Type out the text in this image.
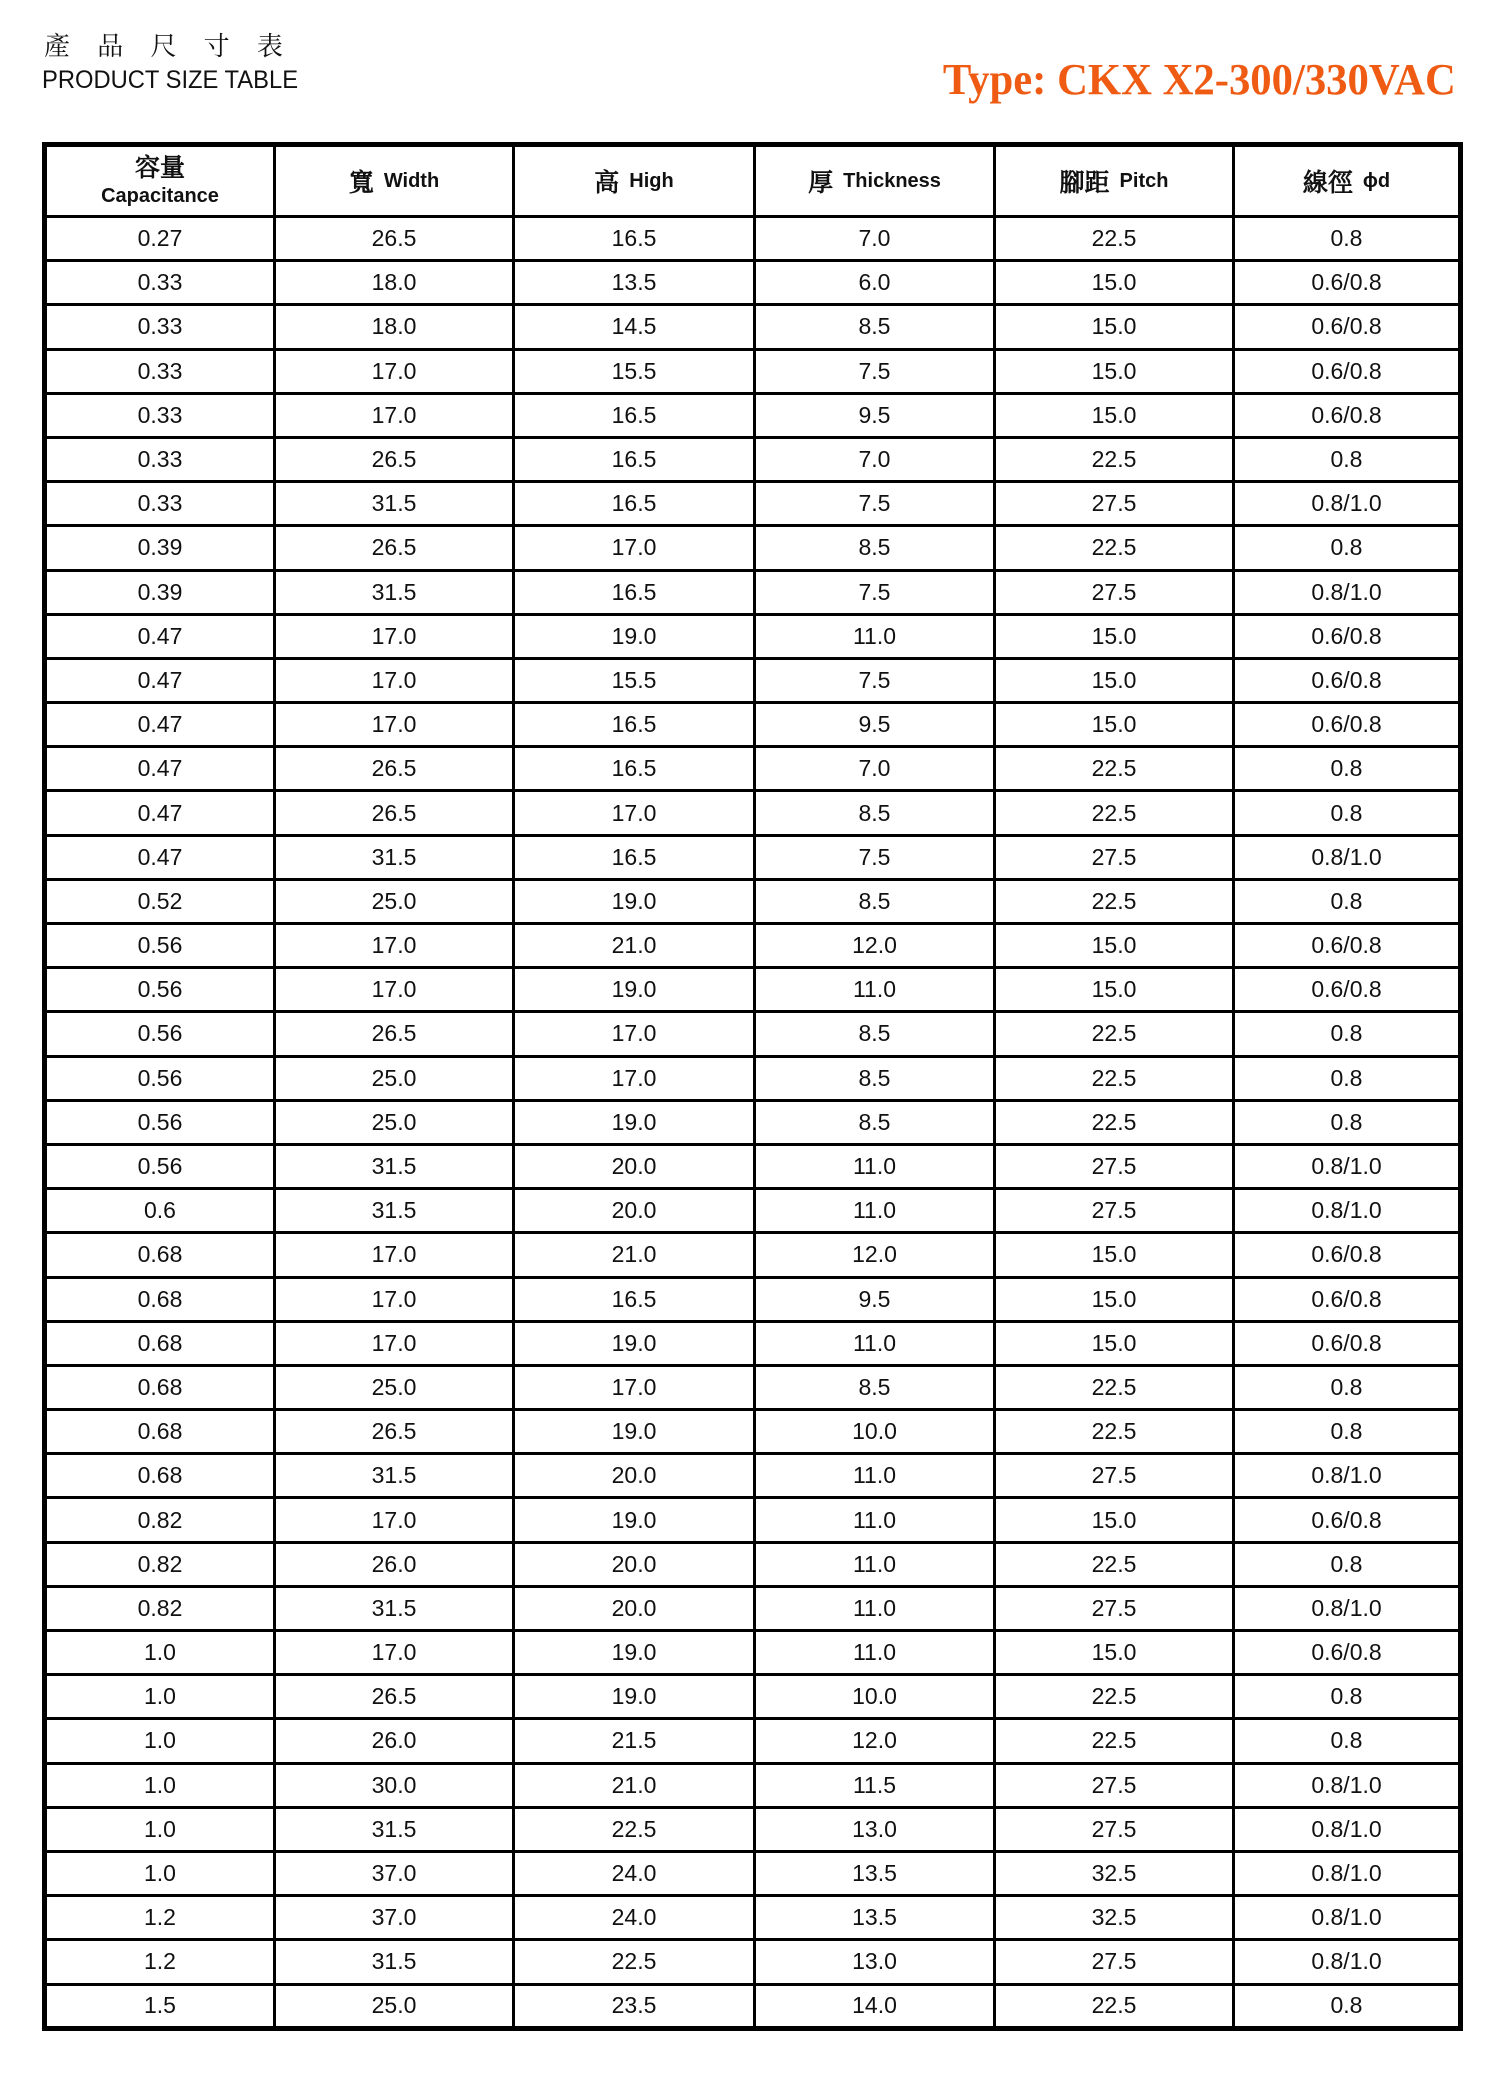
產 品 尺 寸 表
PRODUCT SIZE TABLE	Type: CKX X2-300/330VAC
容量
Capacitance	寬 Width	高 High	厚 Thickness	腳距 Pitch	線徑 ϕd

0.27	26.5	16.5	7.0	22.5	0.8
0.33	18.0	13.5	6.0	15.0	0.6/0.8
0.33	18.0	14.5	8.5	15.0	0.6/0.8
0.33	17.0	15.5	7.5	15.0	0.6/0.8
0.33	17.0	16.5	9.5	15.0	0.6/0.8
0.33	26.5	16.5	7.0	22.5	0.8
0.33	31.5	16.5	7.5	27.5	0.8/1.0
0.39	26.5	17.0	8.5	22.5	0.8
0.39	31.5	16.5	7.5	27.5	0.8/1.0
0.47	17.0	19.0	11.0	15.0	0.6/0.8
0.47	17.0	15.5	7.5	15.0	0.6/0.8
0.47	17.0	16.5	9.5	15.0	0.6/0.8
0.47	26.5	16.5	7.0	22.5	0.8
0.47	26.5	17.0	8.5	22.5	0.8
0.47	31.5	16.5	7.5	27.5	0.8/1.0
0.52	25.0	19.0	8.5	22.5	0.8
0.56	17.0	21.0	12.0	15.0	0.6/0.8
0.56	17.0	19.0	11.0	15.0	0.6/0.8
0.56	26.5	17.0	8.5	22.5	0.8
0.56	25.0	17.0	8.5	22.5	0.8
0.56	25.0	19.0	8.5	22.5	0.8
0.56	31.5	20.0	11.0	27.5	0.8/1.0
0.6	31.5	20.0	11.0	27.5	0.8/1.0
0.68	17.0	21.0	12.0	15.0	0.6/0.8
0.68	17.0	16.5	9.5	15.0	0.6/0.8
0.68	17.0	19.0	11.0	15.0	0.6/0.8
0.68	25.0	17.0	8.5	22.5	0.8
0.68	26.5	19.0	10.0	22.5	0.8
0.68	31.5	20.0	11.0	27.5	0.8/1.0
0.82	17.0	19.0	11.0	15.0	0.6/0.8
0.82	26.0	20.0	11.0	22.5	0.8
0.82	31.5	20.0	11.0	27.5	0.8/1.0
1.0	17.0	19.0	11.0	15.0	0.6/0.8
1.0	26.5	19.0	10.0	22.5	0.8
1.0	26.0	21.5	12.0	22.5	0.8
1.0	30.0	21.0	11.5	27.5	0.8/1.0
1.0	31.5	22.5	13.0	27.5	0.8/1.0
1.0	37.0	24.0	13.5	32.5	0.8/1.0
1.2	37.0	24.0	13.5	32.5	0.8/1.0
1.2	31.5	22.5	13.0	27.5	0.8/1.0
1.5	25.0	23.5	14.0	22.5	0.8
